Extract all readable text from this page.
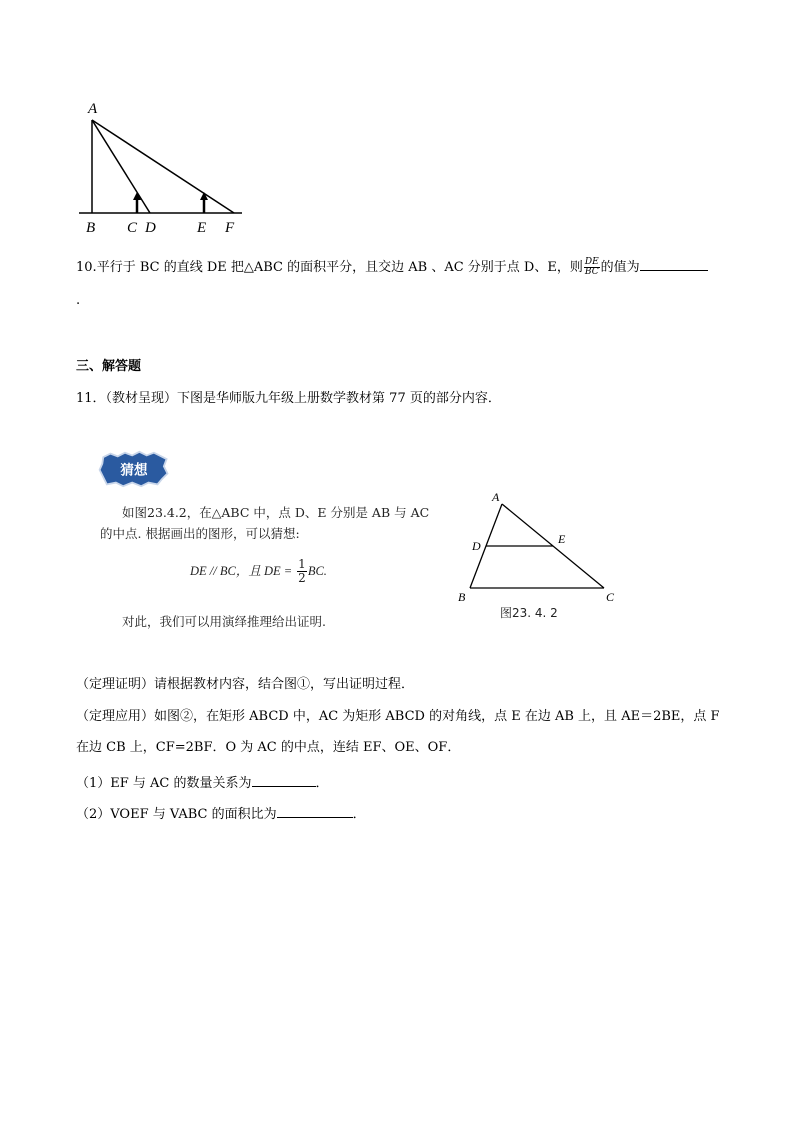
A
B C D	E F
10.平行于 BC 的直线 DE 把△ABC 的面积平分，且交边 AB 、AC 分别于点 D、E，则 $\frac{DE}{BC}$ 的值为
.
三、解答题
11．（教材呈现）下图是华师版九年级上册数学教材第 77 页的部分内容．
猜想
如图23.4.2，在△ABC 中，点 D、E 分别是 AB 与 AC
的中点. 根据画出的图形，可以猜想:
DE // BC，且 DE = $\frac{1}{2}$ BC.
对此，我们可以用演绎推理给出证明.
A
B	C
D	E
图23. 4. 2
（定理证明）请根据教材内容，结合图①，写出证明过程．
（定理应用）如图②，在矩形 ABCD 中，AC 为矩形 ABCD 的对角线，点 E 在边 AB 上，且 AE＝2BE，点 F
在边 CB 上，CF=2BF．O 为 AC 的中点，连结 EF、OE、OF．
（1）EF 与 AC 的数量关系为	．
（2）VOEF 与 VABC 的面积比为	．
